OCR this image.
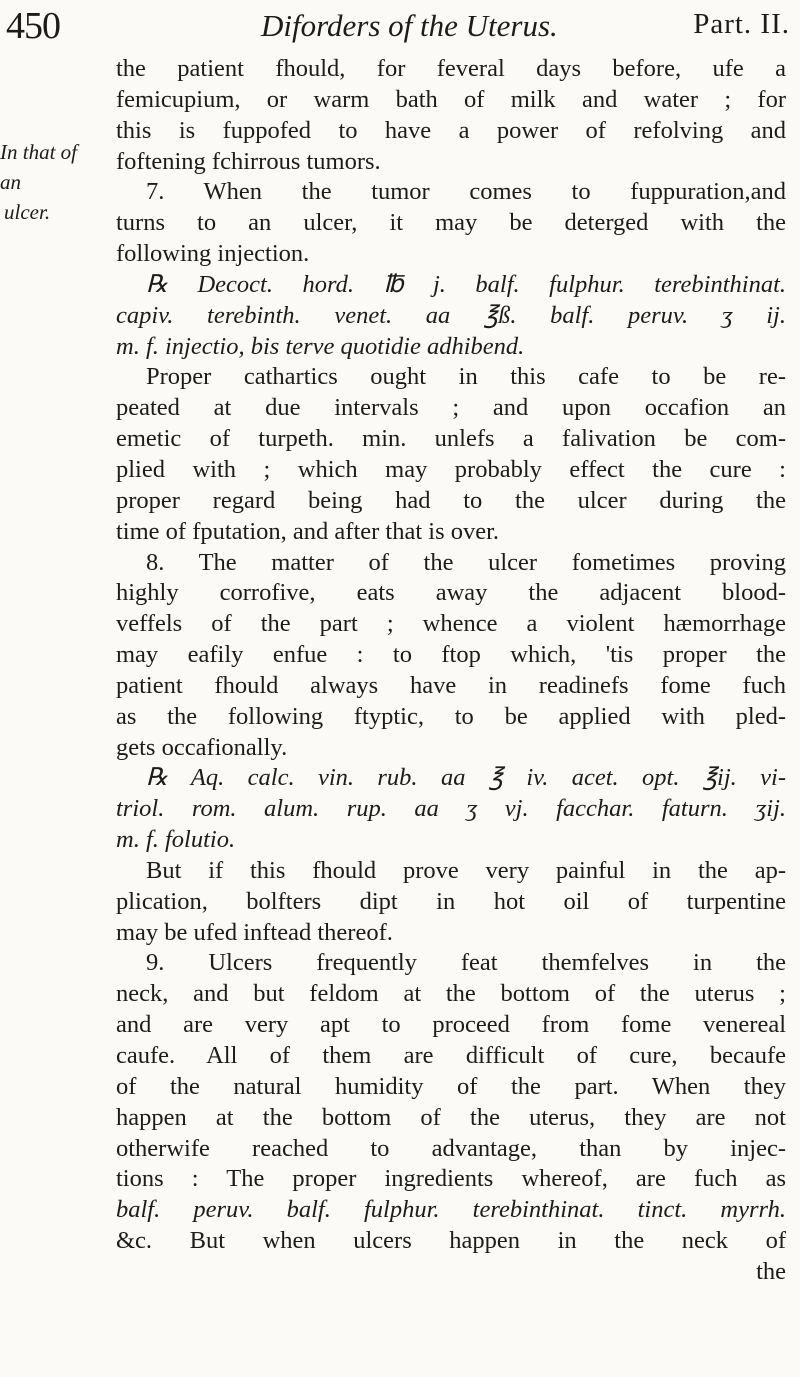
450	Diforders of the Uterus.	Part. II.
In that of an
ulcer.
the patient fhould, for feveral days before, ufe a
femicupium, or warm bath of milk and water ; for
this is fuppofed to have a power of refolving and
foftening fchirrous tumors.
7. When the tumor comes to fuppuration,and
turns to an ulcer, it may be deterged with the
following injection.
℞ Decoct. hord. ℔ j. balf. fulphur. terebinthinat.
capiv. terebinth. venet. aa ℥ß. balf. peruv. ʒ ij.
m. f. injectio, bis terve quotidie adhibend.
Proper cathartics ought in this cafe to be re-
peated at due intervals ; and upon occafion an
emetic of turpeth. min. unlefs a falivation be com-
plied with ; which may probably effect the cure :
proper regard being had to the ulcer during the
time of fputation, and after that is over.
8. The matter of the ulcer fometimes proving
highly corrofive, eats away the adjacent blood-
veffels of the part ; whence a violent hæmorrhage
may eafily enfue : to ftop which, 'tis proper the
patient fhould always have in readinefs fome fuch
as the following ftyptic, to be applied with pled-
gets occafionally.
℞ Aq. calc. vin. rub. aa ℥ iv. acet. opt. ℥ij. vi-
triol. rom. alum. rup. aa ʒ vj. facchar. faturn. ʒij.
m. f. folutio.
But if this fhould prove very painful in the ap-
plication, bolfters dipt in hot oil of turpentine
may be ufed inftead thereof.
9. Ulcers frequently feat themfelves in the
neck, and but feldom at the bottom of the uterus ;
and are very apt to proceed from fome venereal
caufe. All of them are difficult of cure, becaufe
of the natural humidity of the part. When they
happen at the bottom of the uterus, they are not
otherwife reached to advantage, than by injec-
tions : The proper ingredients whereof, are fuch as
balf. peruv. balf. fulphur. terebinthinat. tinct. myrrh.
&c. But when ulcers happen in the neck of
the
